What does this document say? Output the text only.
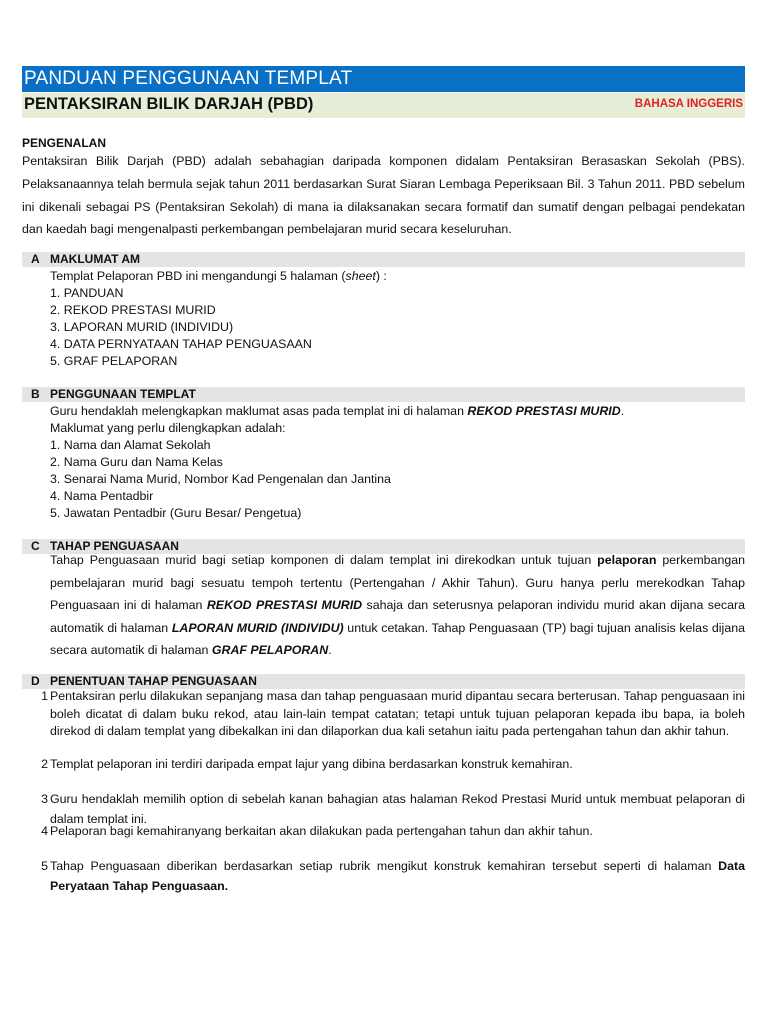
PANDUAN PENGGUNAAN TEMPLAT
PENTAKSIRAN BILIK DARJAH (PBD)	BAHASA INGGERIS
PENGENALAN
Pentaksiran Bilik Darjah (PBD) adalah sebahagian daripada komponen didalam Pentaksiran Berasaskan Sekolah (PBS). Pelaksanaannya telah bermula sejak tahun 2011 berdasarkan Surat Siaran Lembaga Peperiksaan Bil. 3 Tahun 2011. PBD sebelum ini dikenali sebagai PS (Pentaksiran Sekolah) di mana ia dilaksanakan secara formatif dan sumatif dengan pelbagai pendekatan dan kaedah bagi mengenalpasti perkembangan pembelajaran murid secara keseluruhan.
A MAKLUMAT AM
Templat Pelaporan PBD ini mengandungi 5 halaman (sheet) :
1. PANDUAN
2. REKOD PRESTASI MURID
3. LAPORAN MURID (INDIVIDU)
4. DATA PERNYATAAN TAHAP PENGUASAAN
5. GRAF PELAPORAN
B PENGGUNAAN TEMPLAT
Guru hendaklah melengkapkan maklumat asas pada templat ini di halaman REKOD PRESTASI MURID.
Maklumat yang perlu dilengkapkan adalah:
1. Nama dan Alamat Sekolah
2. Nama Guru dan Nama Kelas
3. Senarai Nama Murid, Nombor Kad Pengenalan dan Jantina
4. Nama Pentadbir
5. Jawatan Pentadbir (Guru Besar/ Pengetua)
C TAHAP PENGUASAAN
Tahap Penguasaan murid bagi setiap komponen di dalam templat ini direkodkan untuk tujuan pelaporan perkembangan pembelajaran murid bagi sesuatu tempoh tertentu (Pertengahan / Akhir Tahun). Guru hanya perlu merekodkan Tahap Penguasaan ini di halaman REKOD PRESTASI MURID sahaja dan seterusnya pelaporan individu murid akan dijana secara automatik di halaman LAPORAN MURID (INDIVIDU) untuk cetakan. Tahap Penguasaan (TP) bagi tujuan analisis kelas dijana secara automatik di halaman GRAF PELAPORAN.
D PENENTUAN TAHAP PENGUASAAN
1 Pentaksiran perlu dilakukan sepanjang masa dan tahap penguasaan murid dipantau secara berterusan. Tahap penguasaan ini boleh dicatat di dalam buku rekod, atau lain-lain tempat catatan; tetapi untuk tujuan pelaporan kepada ibu bapa, ia boleh direkod di dalam templat yang dibekalkan ini dan dilaporkan dua kali setahun iaitu pada pertengahan tahun dan akhir tahun.
2 Templat pelaporan ini terdiri daripada empat lajur yang dibina berdasarkan konstruk kemahiran.
3 Guru hendaklah memilih option di sebelah kanan bahagian atas halaman Rekod Prestasi Murid untuk membuat pelaporan di dalam templat ini.
4 Pelaporan bagi kemahiranyang berkaitan akan dilakukan pada pertengahan tahun dan akhir tahun.
5 Tahap Penguasaan diberikan berdasarkan setiap rubrik mengikut konstruk kemahiran tersebut seperti di halaman Data Peryataan Tahap Penguasaan.
